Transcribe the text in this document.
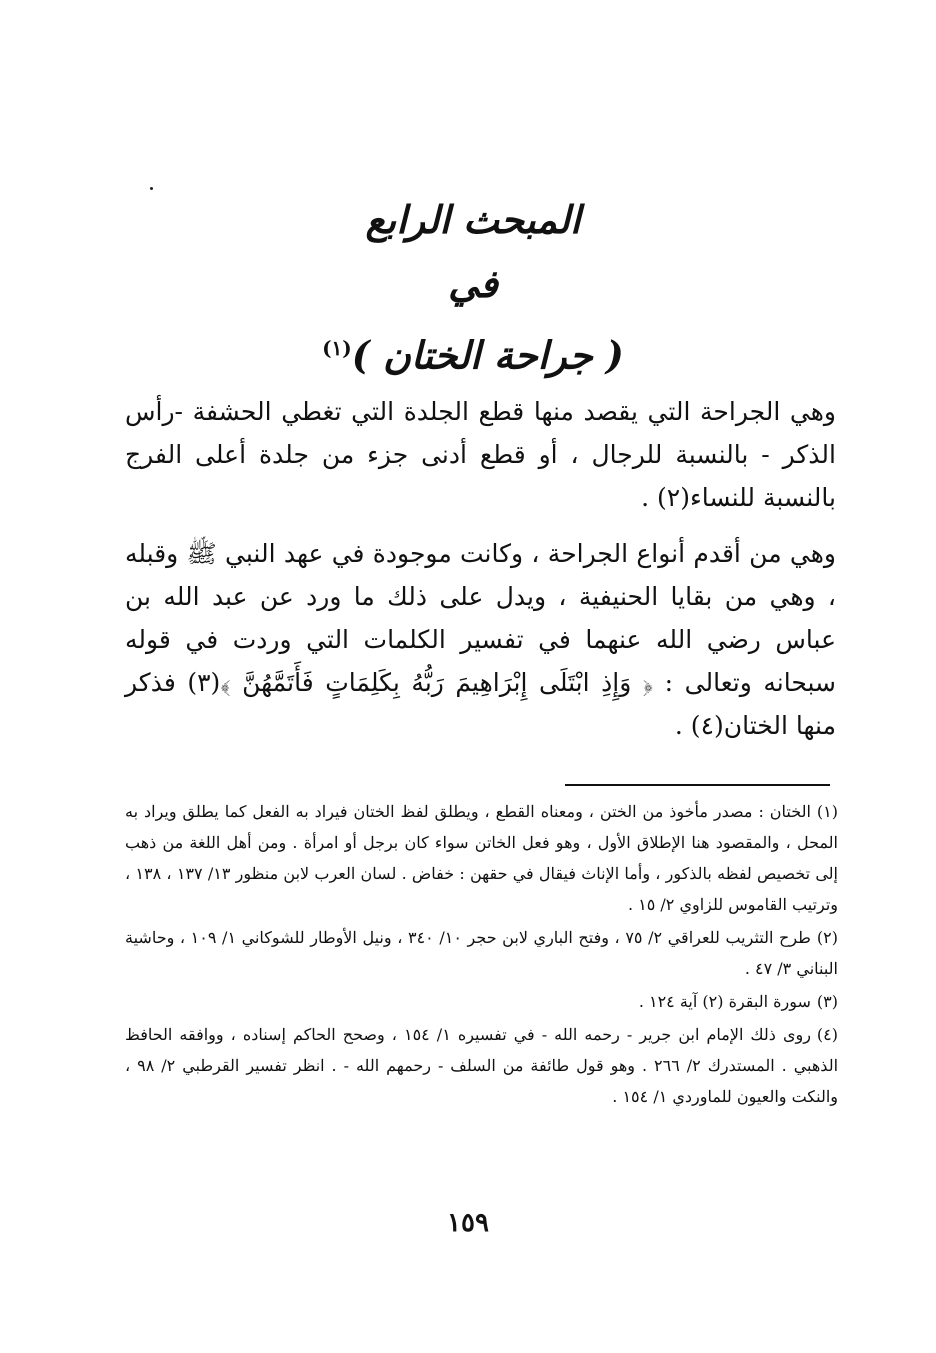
المبحث الرابع
في
( جراحة الختان )$^{(١)}$

وهي الجراحة التي يقصد منها قطع الجلدة التي تغطي الحشفة -رأس الذكر - بالنسبة للرجال ، أو قطع أدنى جزء من جلدة أعلى الفرج بالنسبة للنساء(٢) .

وهي من أقدم أنواع الجراحة ، وكانت موجودة في عهد النبي ﷺ وقبله ، وهي من بقايا الحنيفية ، ويدل على ذلك ما ورد عن عبد الله بن عباس رضي الله عنهما في تفسير الكلمات التي وردت في قوله سبحانه وتعالى : ﴿ وَإِذِ ابْتَلَى إِبْرَاهِيمَ رَبُّهُ بِكَلِمَاتٍ فَأَتَمَّهُنَّ ﴾(٣) فذكر منها الختان(٤) .

(١)الختان : مصدر مأخوذ من الختن ، ومعناه القطع ، ويطلق لفظ الختان فيراد به الفعل كما يطلق ويراد به المحل ، والمقصود هنا الإطلاق الأول ، وهو فعل الخاتن سواء كان برجل أو امرأة . ومن أهل اللغة من ذهب إلى تخصيص لفظه بالذكور ، وأما الإناث فيقال في حقهن : خفاض . لسان العرب لابن منظور ١٣/ ١٣٧ ، ١٣٨ ، وترتيب القاموس للزاوي ٢/ ١٥ .

(٢)طرح التثريب للعراقي ٢/ ٧٥ ، وفتح الباري لابن حجر ١٠/ ٣٤٠ ، ونيل الأوطار للشوكاني ١/ ١٠٩ ، وحاشية البناني ٣/ ٤٧ .

(٣)سورة البقرة (٢) آية ١٢٤ .

(٤)روى ذلك الإمام ابن جرير - رحمه الله - في تفسيره ١/ ١٥٤ ، وصحح الحاكم إسناده ، ووافقه الحافظ الذهبي . المستدرك ٢/ ٢٦٦ . وهو قول طائفة من السلف - رحمهم الله - . انظر تفسير القرطبي ٢/ ٩٨ ، والنكت والعيون للماوردي ١/ ١٥٤ .

١٥٩
